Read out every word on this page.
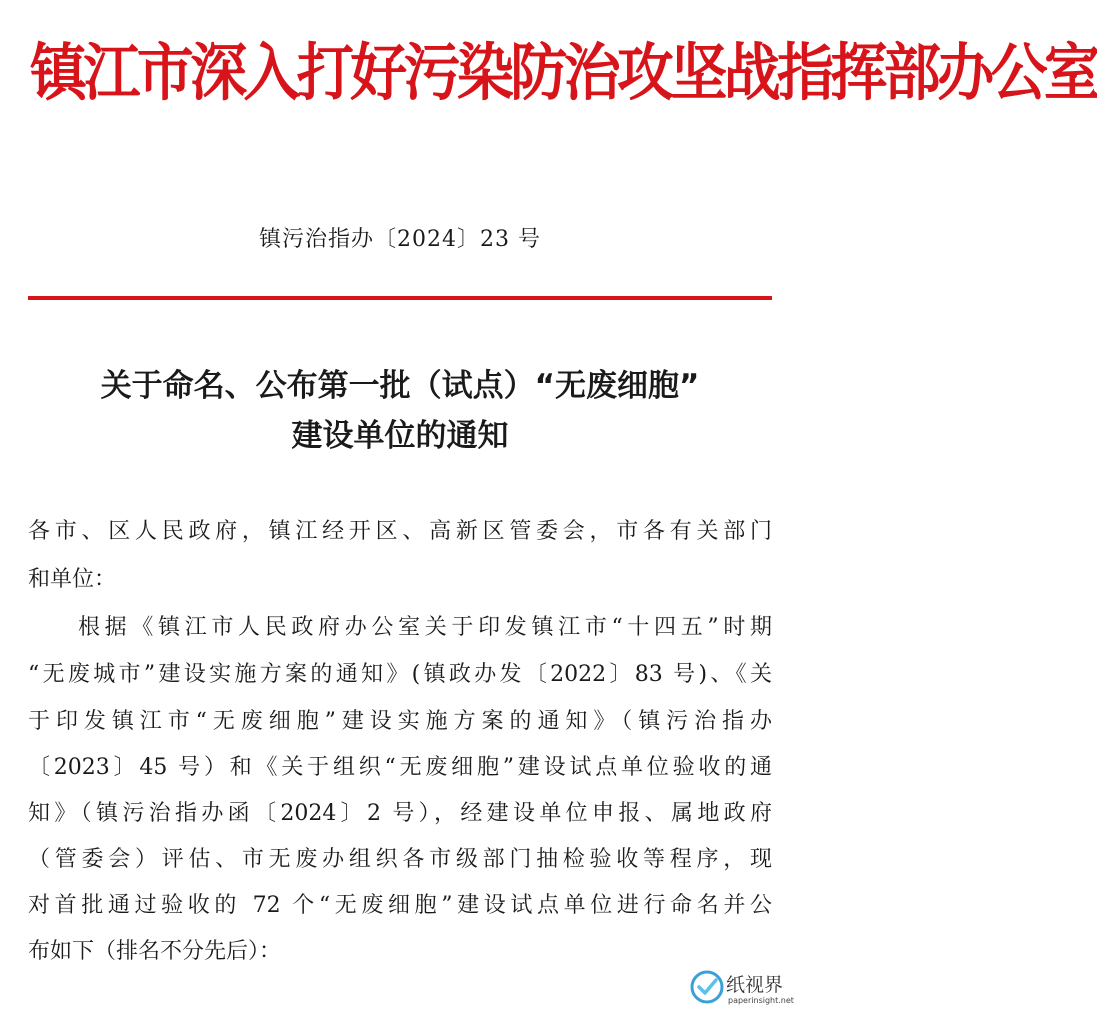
镇江市深入打好污染防治攻坚战指挥部办公室
镇污治指办〔2024〕23 号
关于命名、公布第一批（试点）“无废细胞”
建设单位的通知
各市、区人民政府，镇江经开区、高新区管委会，市各有关部门
和单位：
根据《镇江市人民政府办公室关于印发镇江市“十四五”时期
“无废城市”建设实施方案的通知》(镇政办发〔2022〕83 号)、《关
于印发镇江市“无废细胞”建设实施方案的通知》（镇污治指办
〔2023〕45 号）和《关于组织“无废细胞”建设试点单位验收的通
知》（镇污治指办函〔2024〕2 号），经建设单位申报、属地政府
（管委会）评估、市无废办组织各市级部门抽检验收等程序，现
对首批通过验收的 72 个“无废细胞”建设试点单位进行命名并公
布如下（排名不分先后）：
纸视界
paperinsight.net
